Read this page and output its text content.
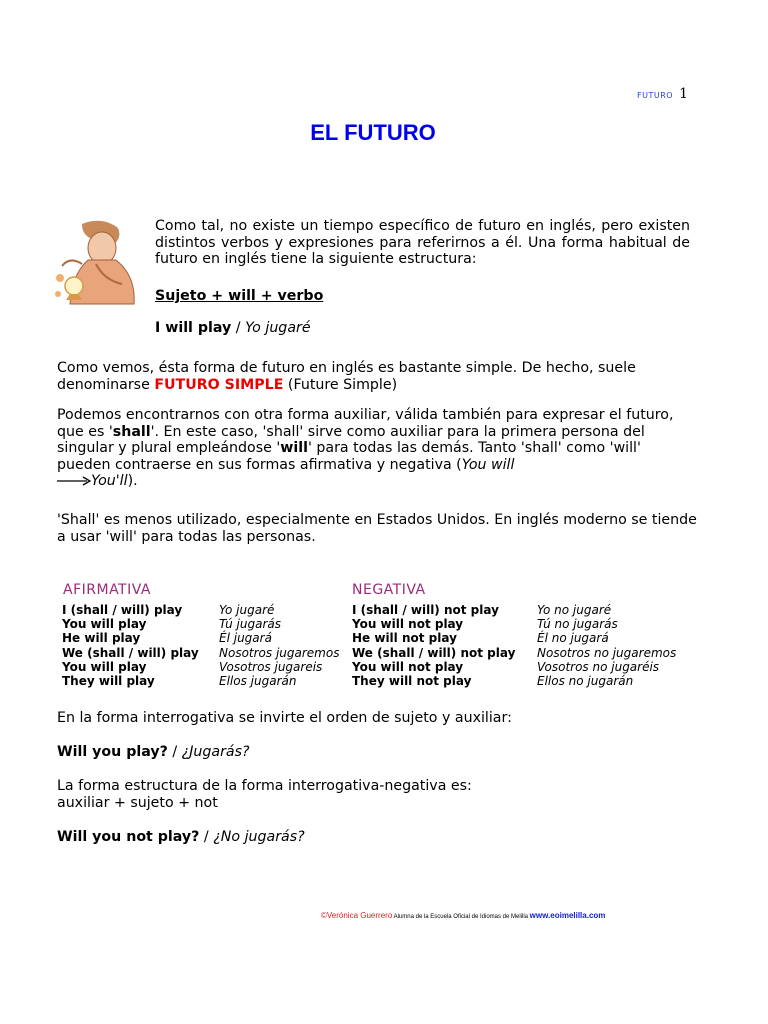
FUTURO 1
EL FUTURO
Como tal, no existe un tiempo específico de futuro en inglés, pero existen distintos verbos y expresiones para referirnos a él. Una forma habitual de futuro en inglés tiene la siguiente estructura:
Sujeto + will + verbo
I will play / Yo jugaré
Como vemos, ésta forma de futuro en inglés es bastante simple. De hecho, suele denominarse FUTURO SIMPLE (Future Simple)
Podemos encontrarnos con otra forma auxiliar, válida también para expresar el futuro, que es 'shall'. En este caso, 'shall' sirve como auxiliar para la primera persona del singular y plural empleándose 'will' para todas las demás. Tanto 'shall' como 'will' pueden contraerse en sus formas afirmativa y negativa (You will
You'll).
'Shall' es menos utilizado, especialmente en Estados Unidos. En inglés moderno se tiende a usar 'will' para todas las personas.
AFIRMATIVA	NEGATIVA
I (shall / will) play
You will play
He will play
We (shall / will) play
You will play
They will play
Yo jugaré
Tú jugarás
Él jugará
Nosotros jugaremos
Vosotros jugareis
Ellos jugarán
I (shall / will) not play
You will not play
He will not play
We (shall / will) not play
You will not play
They will not play
Yo no jugaré
Tú no jugarás
Él no jugará
Nosotros no jugaremos
Vosotros no jugaréis
Ellos no jugarán
En la forma interrogativa se invirte el orden de sujeto y auxiliar:
Will you play? / ¿Jugarás?
La forma estructura de la forma interrogativa-negativa es:
auxiliar + sujeto + not
Will you not play? / ¿No jugarás?
©Verónica Guerrero Alumna de la Escuela Oficial de Idiomas de Melilla www.eoimelilla.com
